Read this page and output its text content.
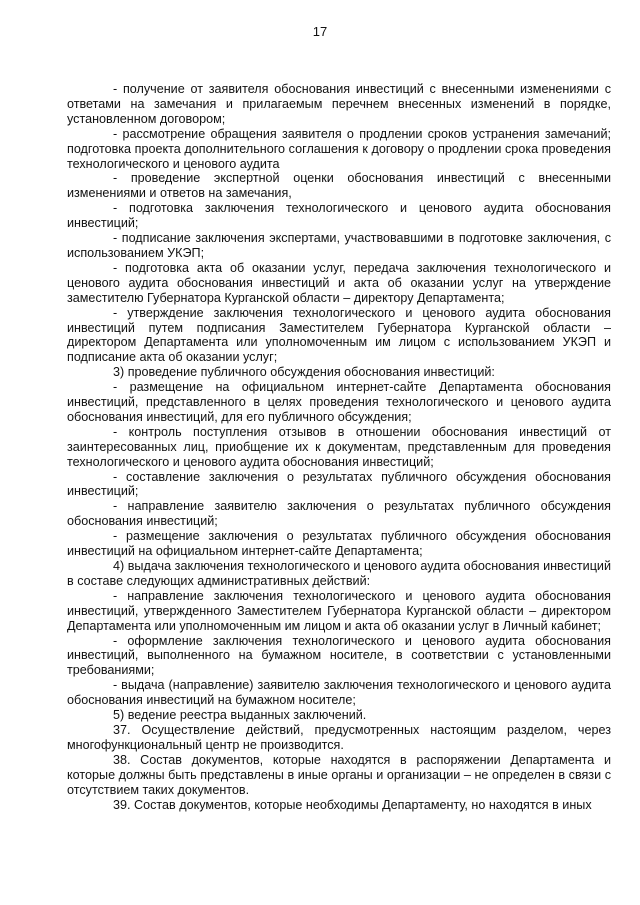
17

- получение от заявителя обоснования инвестиций с внесенными изменениями с ответами на замечания и прилагаемым перечнем внесенных изменений в порядке, установленном договором;

- рассмотрение обращения заявителя о продлении сроков устранения замечаний; подготовка проекта дополнительного соглашения к договору о продлении срока проведения технологического и ценового аудита

- проведение экспертной оценки обоснования инвестиций с внесенными изменениями и ответов на замечания,

- подготовка заключения технологического и ценового аудита обоснования инвестиций;

- подписание заключения экспертами, участвовавшими в подготовке заключения, с использованием УКЭП;

- подготовка акта об оказании услуг, передача заключения технологического и ценового аудита обоснования инвестиций и акта об оказании услуг на утверждение заместителю Губернатора Курганской области – директору Департамента;

- утверждение заключения технологического и ценового аудита обоснования инвестиций путем подписания Заместителем Губернатора Курганской области – директором Департамента или уполномоченным им лицом с использованием УКЭП и подписание акта об оказании услуг;

3) проведение публичного обсуждения обоснования инвестиций:

- размещение на официальном интернет-сайте Департамента обоснования инвестиций, представленного в целях проведения технологического и ценового аудита обоснования инвестиций, для его публичного обсуждения;

- контроль поступления отзывов в отношении обоснования инвестиций от заинтересованных лиц, приобщение их к документам, представленным для проведения технологического и ценового аудита обоснования инвестиций;

- составление заключения о результатах публичного обсуждения обоснования инвестиций;

- направление заявителю заключения о результатах публичного обсуждения обоснования инвестиций;

- размещение заключения о результатах публичного обсуждения обоснования инвестиций на официальном интернет-сайте Департамента;

4) выдача заключения технологического и ценового аудита обоснования инвестиций в составе следующих административных действий:

- направление заключения технологического и ценового аудита обоснования инвестиций, утвержденного Заместителем Губернатора Курганской области – директором Департамента или уполномоченным им лицом и акта об оказании услуг в Личный кабинет;

- оформление заключения технологического и ценового аудита обоснования инвестиций, выполненного на бумажном носителе, в соответствии с установленными требованиями;

- выдача (направление) заявителю заключения технологического и ценового аудита обоснования инвестиций на бумажном носителе;

5) ведение реестра выданных заключений.

37. Осуществление действий, предусмотренных настоящим разделом, через многофункциональный центр не производится.

38. Состав документов, которые находятся в распоряжении Департамента и которые должны быть представлены в иные органы и организации – не определен в связи с отсутствием таких документов.

39. Состав документов, которые необходимы Департаменту, но находятся в иных
